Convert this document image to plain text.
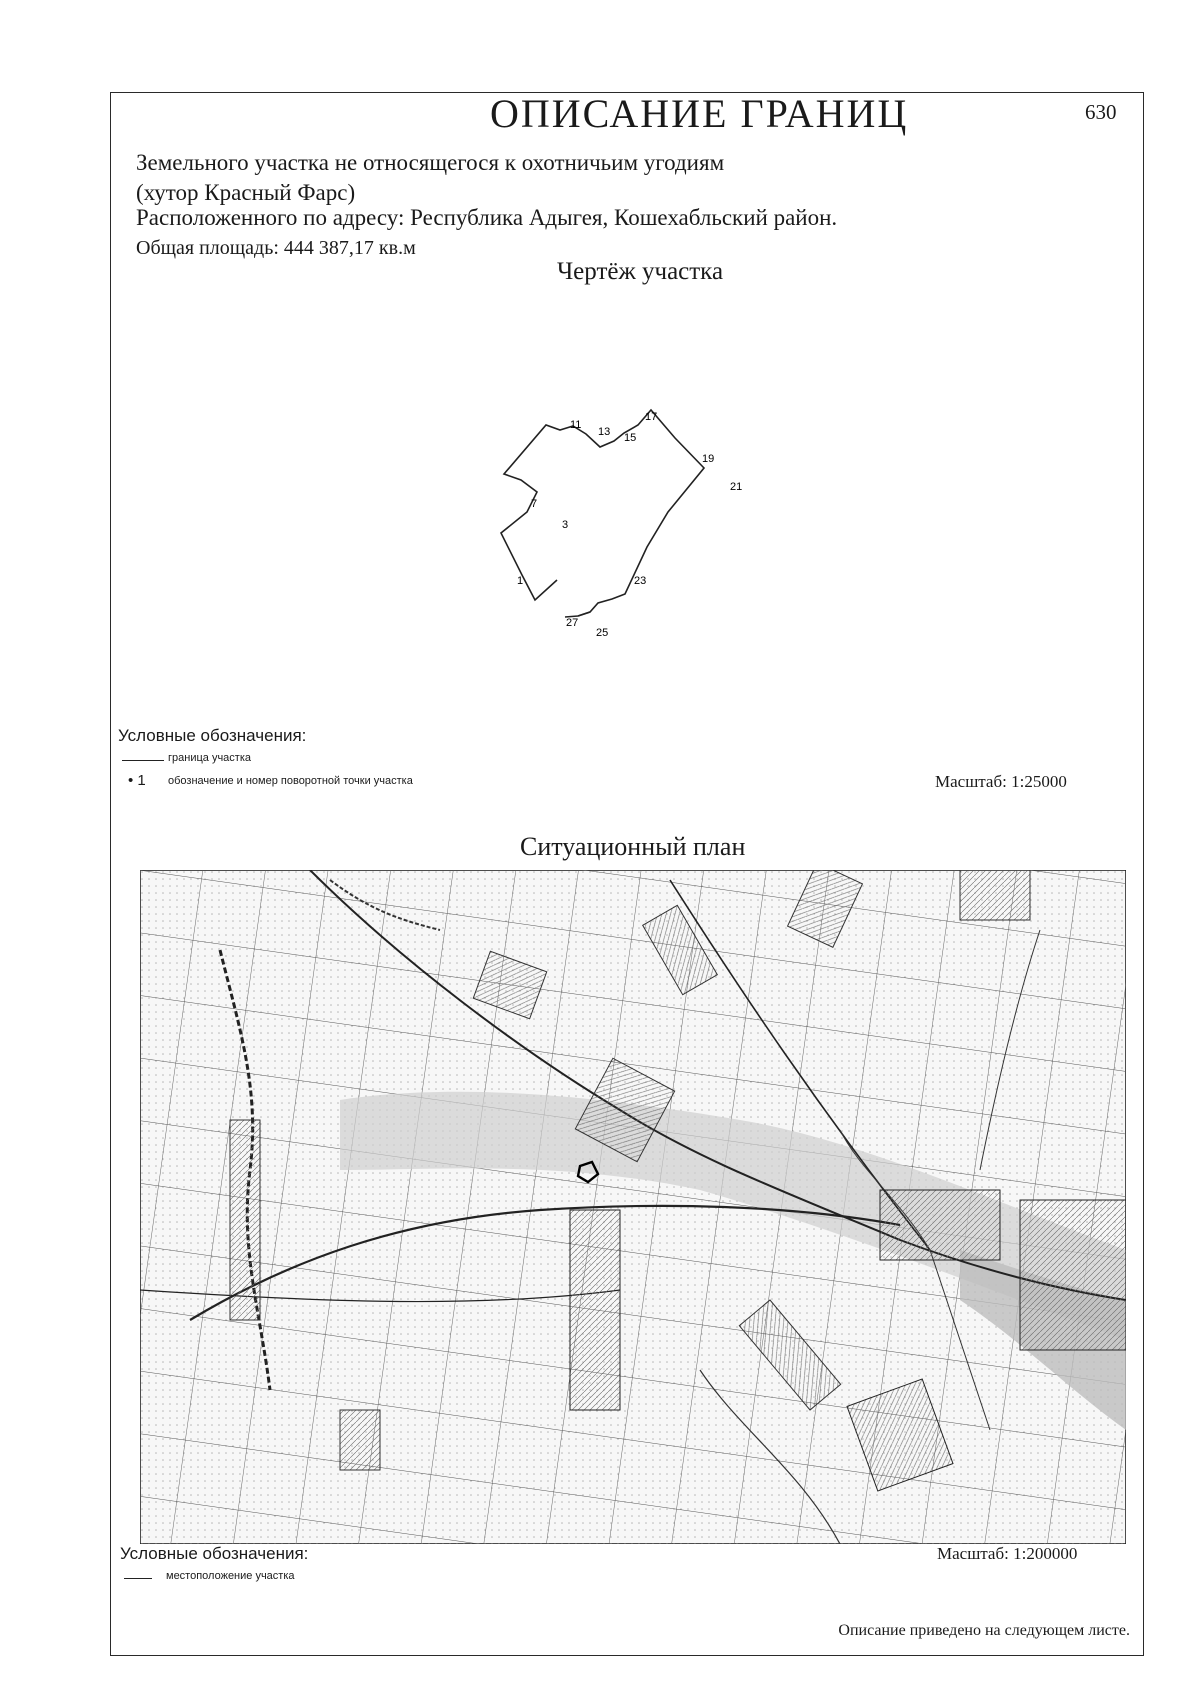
ОПИСАНИЕ ГРАНИЦ	630
Земельного участка не относящегося к охотничьим угодиям
(хутор Красный Фарс)
Расположенного по адресу: Республика Адыгея, Кошехабльский район.
Общая площадь: 444 387,17 кв.м
Чертёж участка
1
3
7
11
13 15
17
19
21
23
25
27
Условные обозначения:
граница участка
• 1 обозначение и номер поворотной точки участка	Масштаб: 1:25000
Ситуационный план
Условные обозначения:
местоположение участка
Масштаб: 1:200000
Описание приведено на следующем листе.
